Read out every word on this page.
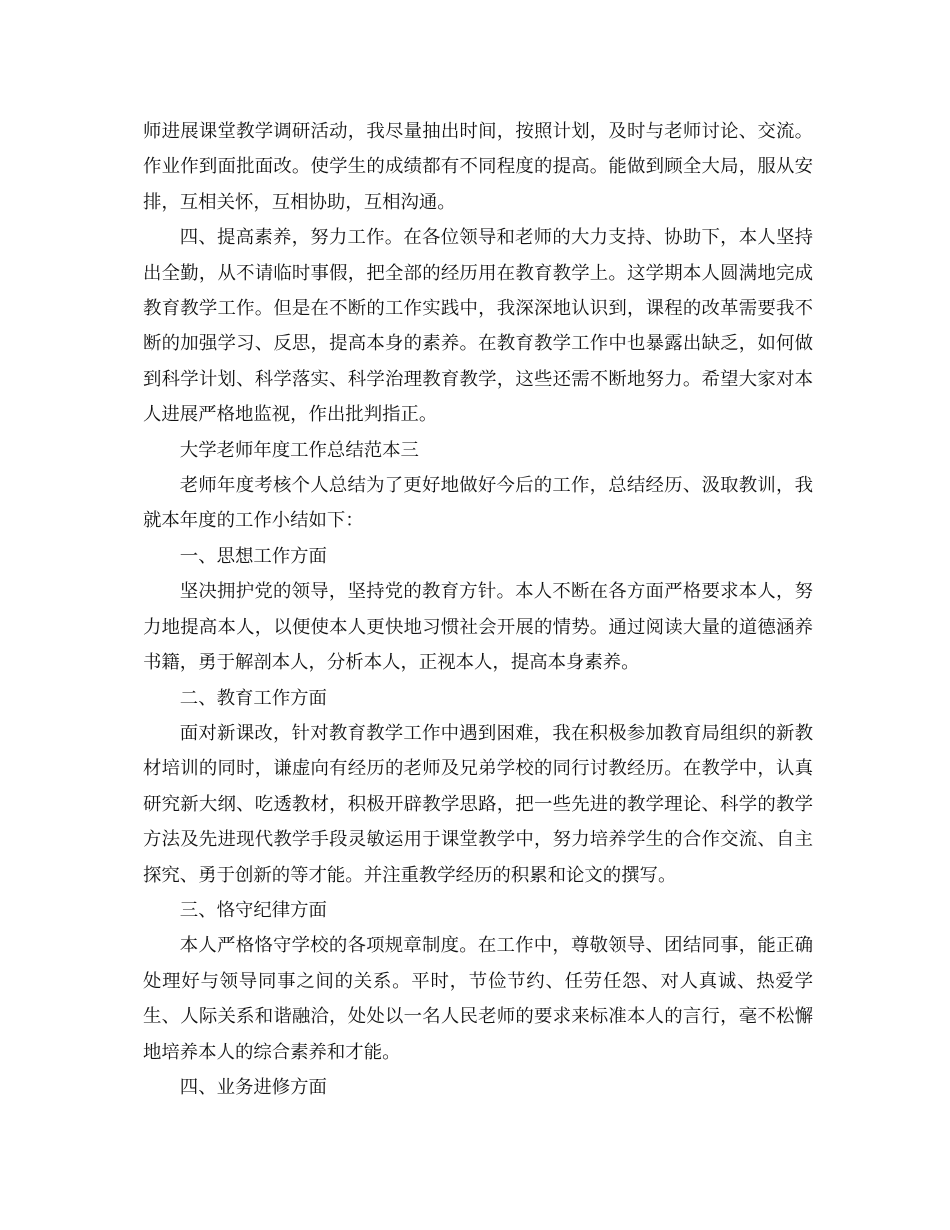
师进展课堂教学调研活动，我尽量抽出时间，按照计划，及时与老师讨论、交流。作业作到面批面改。使学生的成绩都有不同程度的提高。能做到顾全大局，服从安排，互相关怀，互相协助，互相沟通。

四、提高素养，努力工作。在各位领导和老师的大力支持、协助下，本人坚持出全勤，从不请临时事假，把全部的经历用在教育教学上。这学期本人圆满地完成教育教学工作。但是在不断的工作实践中，我深深地认识到，课程的改革需要我不断的加强学习、反思，提高本身的素养。在教育教学工作中也暴露出缺乏，如何做到科学计划、科学落实、科学治理教育教学，这些还需不断地努力。希望大家对本人进展严格地监视，作出批判指正。

大学老师年度工作总结范本三

老师年度考核个人总结为了更好地做好今后的工作，总结经历、汲取教训，我就本年度的工作小结如下：

一、思想工作方面

坚决拥护党的领导，坚持党的教育方针。本人不断在各方面严格要求本人，努力地提高本人，以便使本人更快地习惯社会开展的情势。通过阅读大量的道德涵养书籍，勇于解剖本人，分析本人，正视本人，提高本身素养。

二、教育工作方面

面对新课改，针对教育教学工作中遇到困难，我在积极参加教育局组织的新教材培训的同时，谦虚向有经历的老师及兄弟学校的同行讨教经历。在教学中，认真研究新大纲、吃透教材，积极开辟教学思路，把一些先进的教学理论、科学的教学方法及先进现代教学手段灵敏运用于课堂教学中，努力培养学生的合作交流、自主探究、勇于创新的等才能。并注重教学经历的积累和论文的撰写。

三、恪守纪律方面

本人严格恪守学校的各项规章制度。在工作中，尊敬领导、团结同事，能正确处理好与领导同事之间的关系。平时，节俭节约、任劳任怨、对人真诚、热爱学生、人际关系和谐融洽，处处以一名人民老师的要求来标准本人的言行，毫不松懈地培养本人的综合素养和才能。

四、业务进修方面
